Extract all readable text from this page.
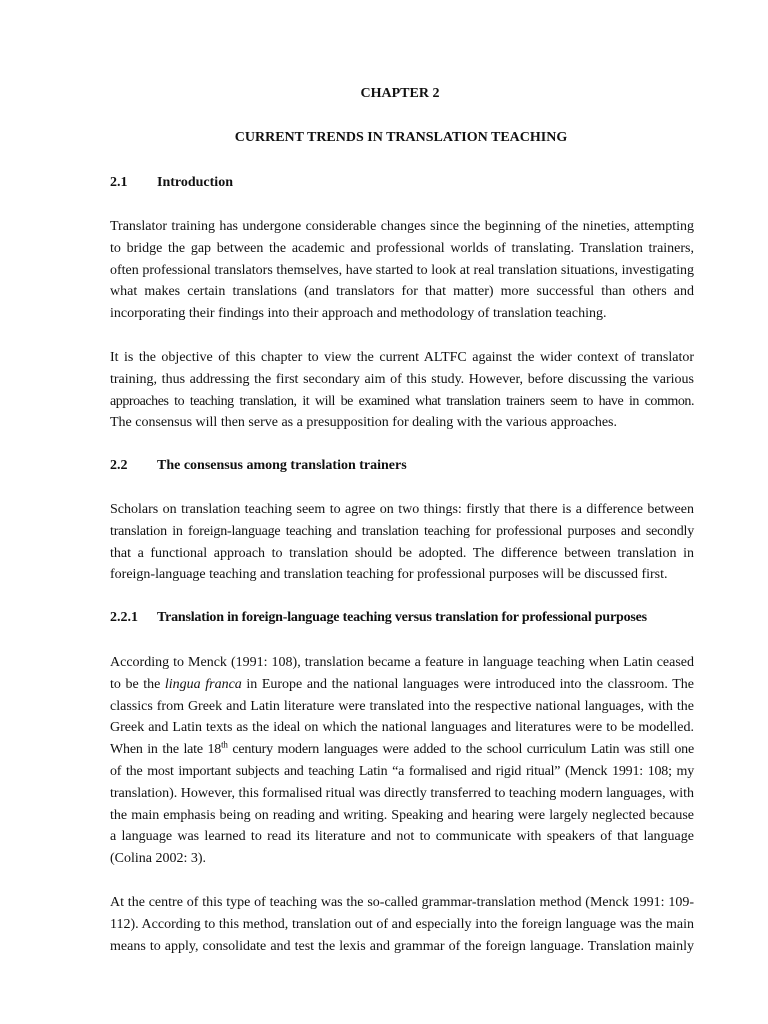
CHAPTER 2
CURRENT TRENDS IN TRANSLATION TEACHING
2.1 Introduction
Translator training has undergone considerable changes since the beginning of the nineties, attempting
to bridge the gap between the academic and professional worlds of translating. Translation trainers,
often professional translators themselves, have started to look at real translation situations, investigating
what makes certain translations (and translators for that matter) more successful than others and
incorporating their findings into their approach and methodology of translation teaching.
It is the objective of this chapter to view the current ALTFC against the wider context of translator
training, thus addressing the first secondary aim of this study. However, before discussing the various
approaches to teaching translation, it will be examined what translation trainers seem to have in common.
The consensus will then serve as a presupposition for dealing with the various approaches.
2.2 The consensus among translation trainers
Scholars on translation teaching seem to agree on two things: firstly that there is a difference between
translation in foreign-language teaching and translation teaching for professional purposes and secondly
that a functional approach to translation should be adopted. The difference between translation in
foreign-language teaching and translation teaching for professional purposes will be discussed first.
2.2.1 Translation in foreign-language teaching versus translation for professional purposes
According to Menck (1991: 108), translation became a feature in language teaching when Latin ceased
to be the lingua franca in Europe and the national languages were introduced into the classroom. The
classics from Greek and Latin literature were translated into the respective national languages, with the
Greek and Latin texts as the ideal on which the national languages and literatures were to be modelled.
When in the late 18th century modern languages were added to the school curriculum Latin was still one
of the most important subjects and teaching Latin “a formalised and rigid ritual” (Menck 1991: 108; my
translation). However, this formalised ritual was directly transferred to teaching modern languages, with
the main emphasis being on reading and writing. Speaking and hearing were largely neglected because
a language was learned to read its literature and not to communicate with speakers of that language
(Colina 2002: 3).
At the centre of this type of teaching was the so-called grammar-translation method (Menck 1991: 109-
112). According to this method, translation out of and especially into the foreign language was the main
means to apply, consolidate and test the lexis and grammar of the foreign language. Translation mainly
